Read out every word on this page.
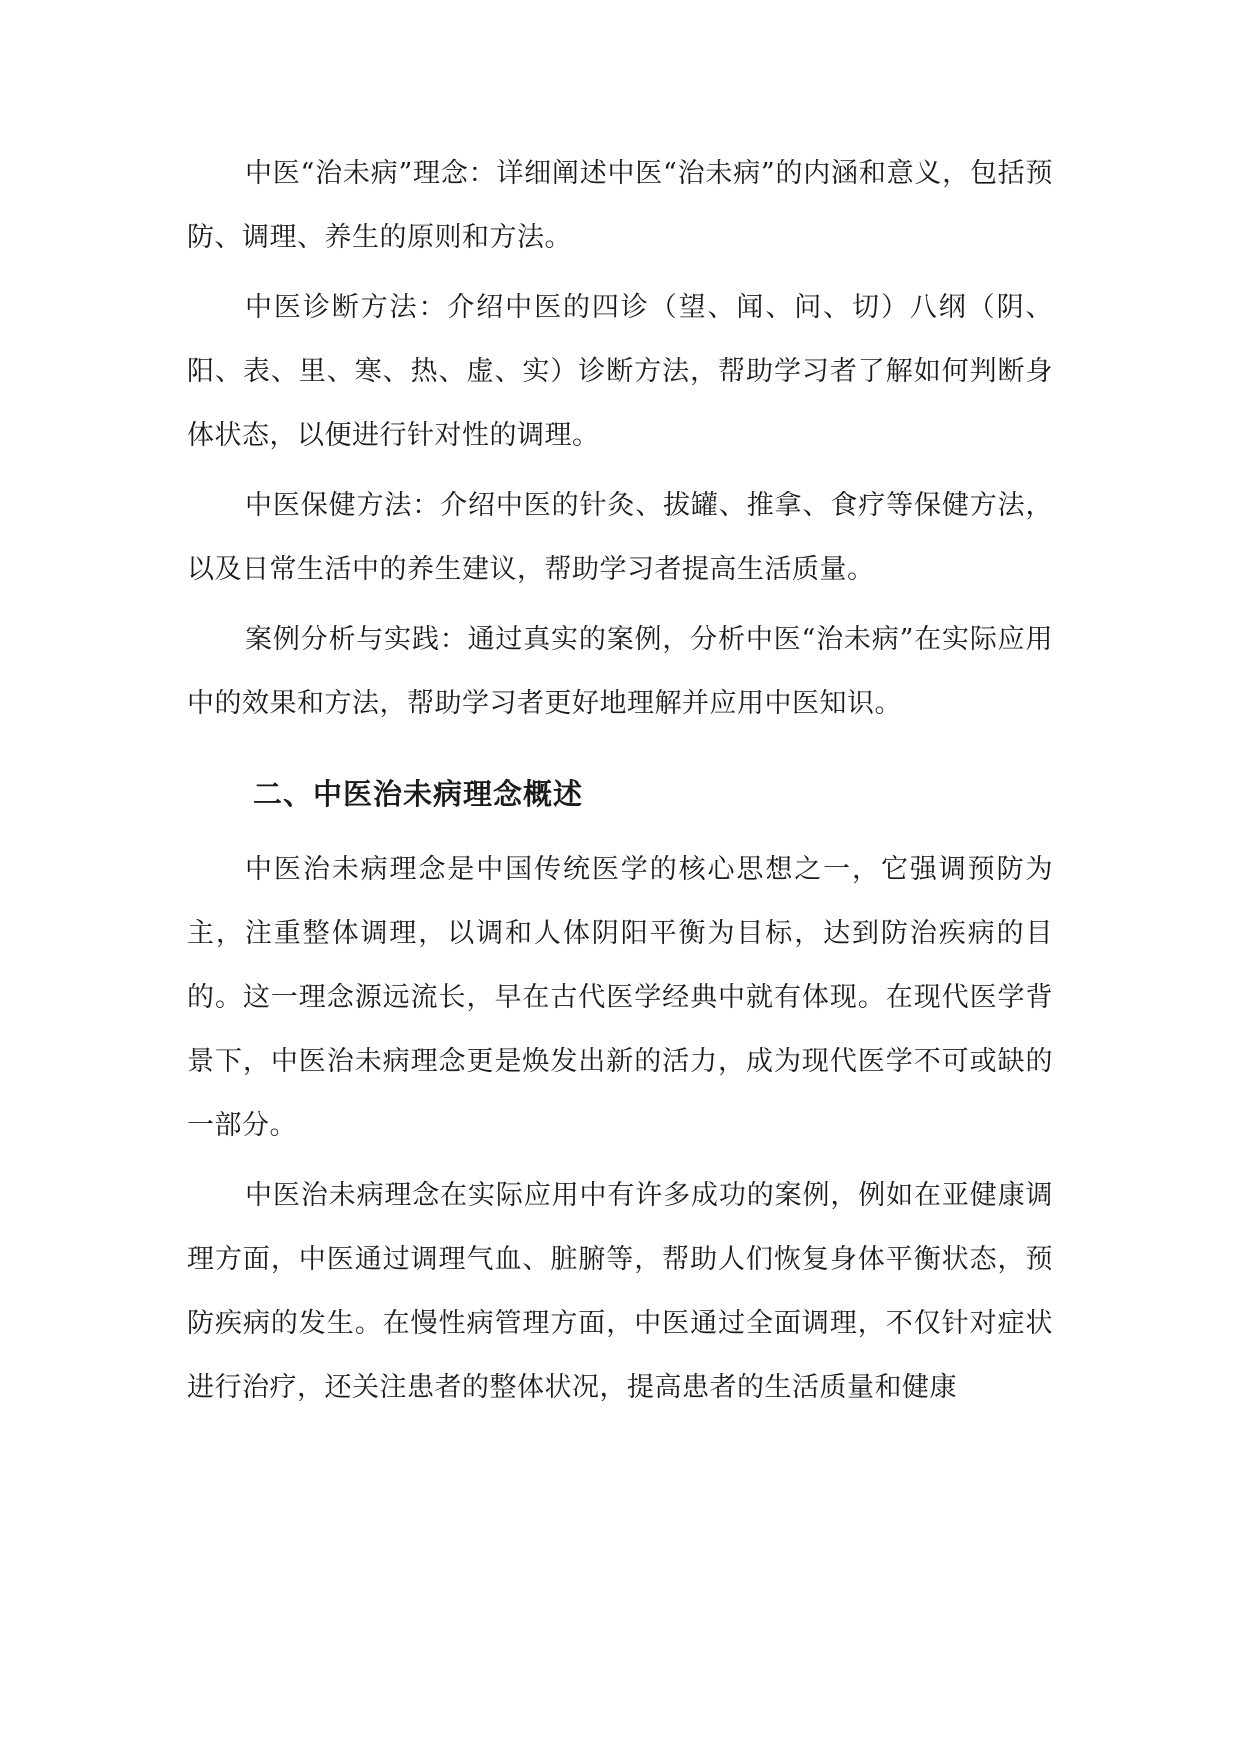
中医“治未病”理念：详细阐述中医“治未病”的内涵和意义，包括预防、调理、养生的原则和方法。

中医诊断方法：介绍中医的四诊（望、闻、问、切）八纲（阴、阳、表、里、寒、热、虚、实）诊断方法，帮助学习者了解如何判断身体状态，以便进行针对性的调理。

中医保健方法：介绍中医的针灸、拔罐、推拿、食疗等保健方法，以及日常生活中的养生建议，帮助学习者提高生活质量。

案例分析与实践：通过真实的案例，分析中医“治未病”在实际应用中的效果和方法，帮助学习者更好地理解并应用中医知识。

二、中医治未病理念概述

中医治未病理念是中国传统医学的核心思想之一，它强调预防为主，注重整体调理，以调和人体阴阳平衡为目标，达到防治疾病的目的。这一理念源远流长，早在古代医学经典中就有体现。在现代医学背景下，中医治未病理念更是焕发出新的活力，成为现代医学不可或缺的一部分。

中医治未病理念在实际应用中有许多成功的案例，例如在亚健康调理方面，中医通过调理气血、脏腑等，帮助人们恢复身体平衡状态，预防疾病的发生。在慢性病管理方面，中医通过全面调理，不仅针对症状进行治疗，还关注患者的整体状况，提高患者的生活质量和健康
